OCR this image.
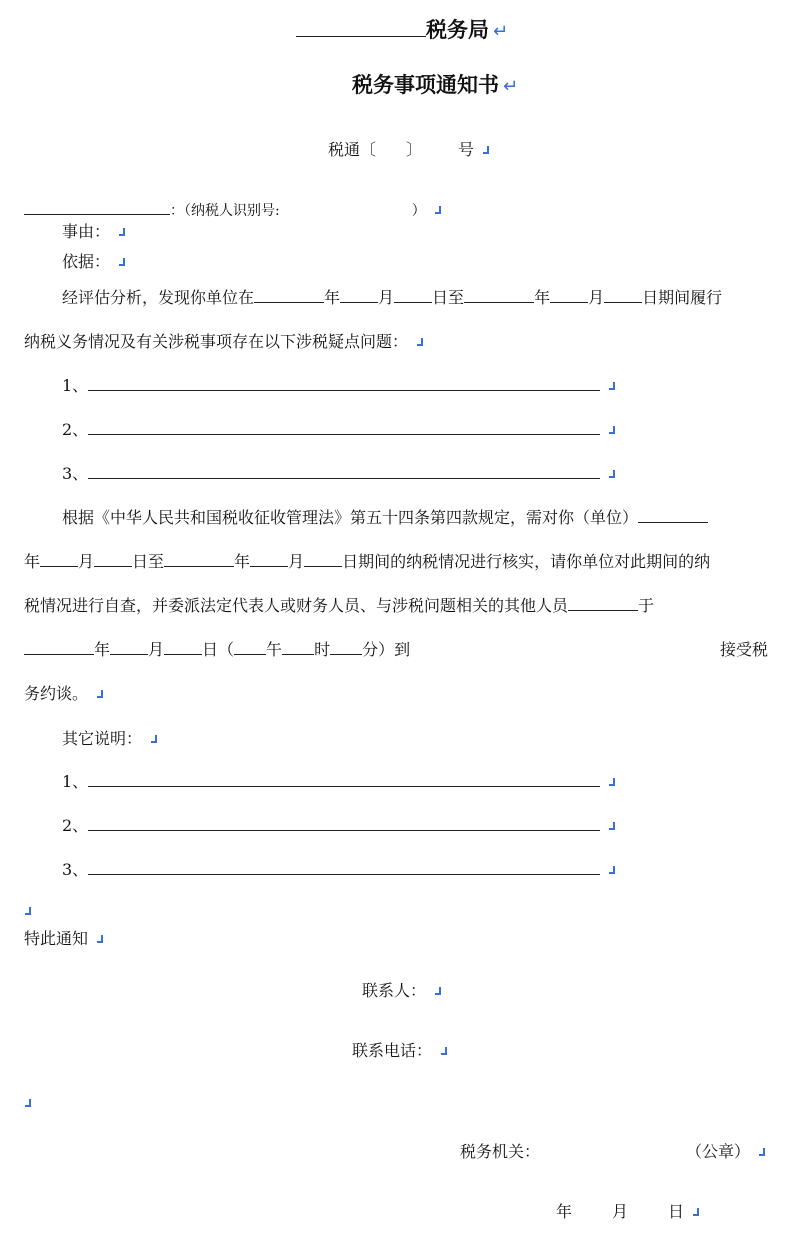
税务局 ↵
税务事项通知书 ↵
税通〔 〕 号
：（纳税人识别号:	）
事由：
依据：
经评估分析，发现你单位在	年 月 日至	年 月 日期间履行
纳税义务情况及有关涉税事项存在以下涉税疑点问题：
1、
2、
3、
根据《中华人民共和国税收征收管理法》第五十四条第四款规定，需对你（单位）
年 月 日至	年 月 日期间的纳税情况进行核实，请你单位对此期间的纳
税情况进行自查，并委派法定代表人或财务人员、与涉税问题相关的其他人员	于
年 月 日（ 午 时 分）到	接受税
务约谈。
其它说明：
1、
2、
3、
特此通知
联系人：
联系电话：
税务机关：	（公章）
年	月	日
